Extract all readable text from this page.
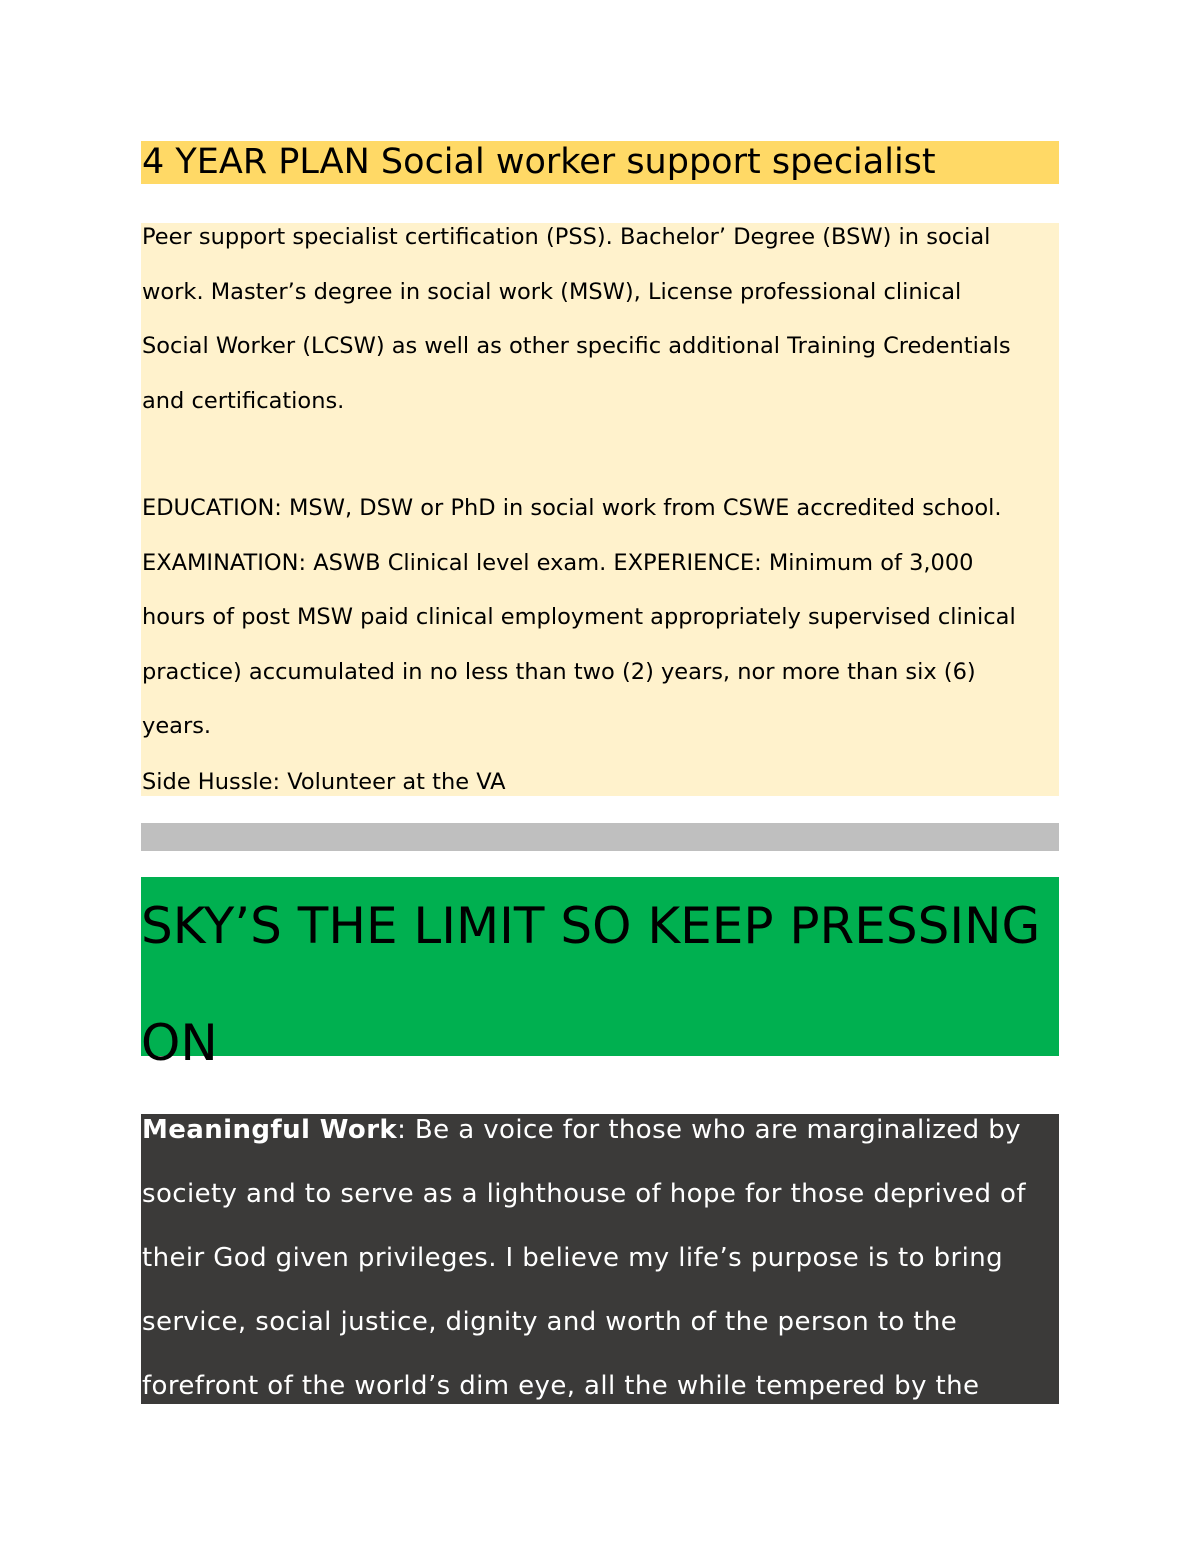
4 YEAR PLAN Social worker support specialist

Peer support specialist certification (PSS). Bachelor’ Degree (BSW) in social

work. Master’s degree in social work (MSW), License professional clinical

Social Worker (LCSW) as well as other specific additional Training Credentials

and certifications.

EDUCATION: MSW, DSW or PhD in social work from CSWE accredited school.

EXAMINATION: ASWB Clinical level exam. EXPERIENCE: Minimum of 3,000

hours of post MSW paid clinical employment appropriately supervised clinical

practice) accumulated in no less than two (2) years, nor more than six (6)

years.

Side Hussle: Volunteer at the VA

SKY’S THE LIMIT SO KEEP PRESSING
ON

Meaningful Work: Be a voice for those who are marginalized by
society and to serve as a lighthouse of hope for those deprived of
their God given privileges. I believe my life’s purpose is to bring
service, social justice, dignity and worth of the person to the
forefront of the world’s dim eye, all the while tempered by the
